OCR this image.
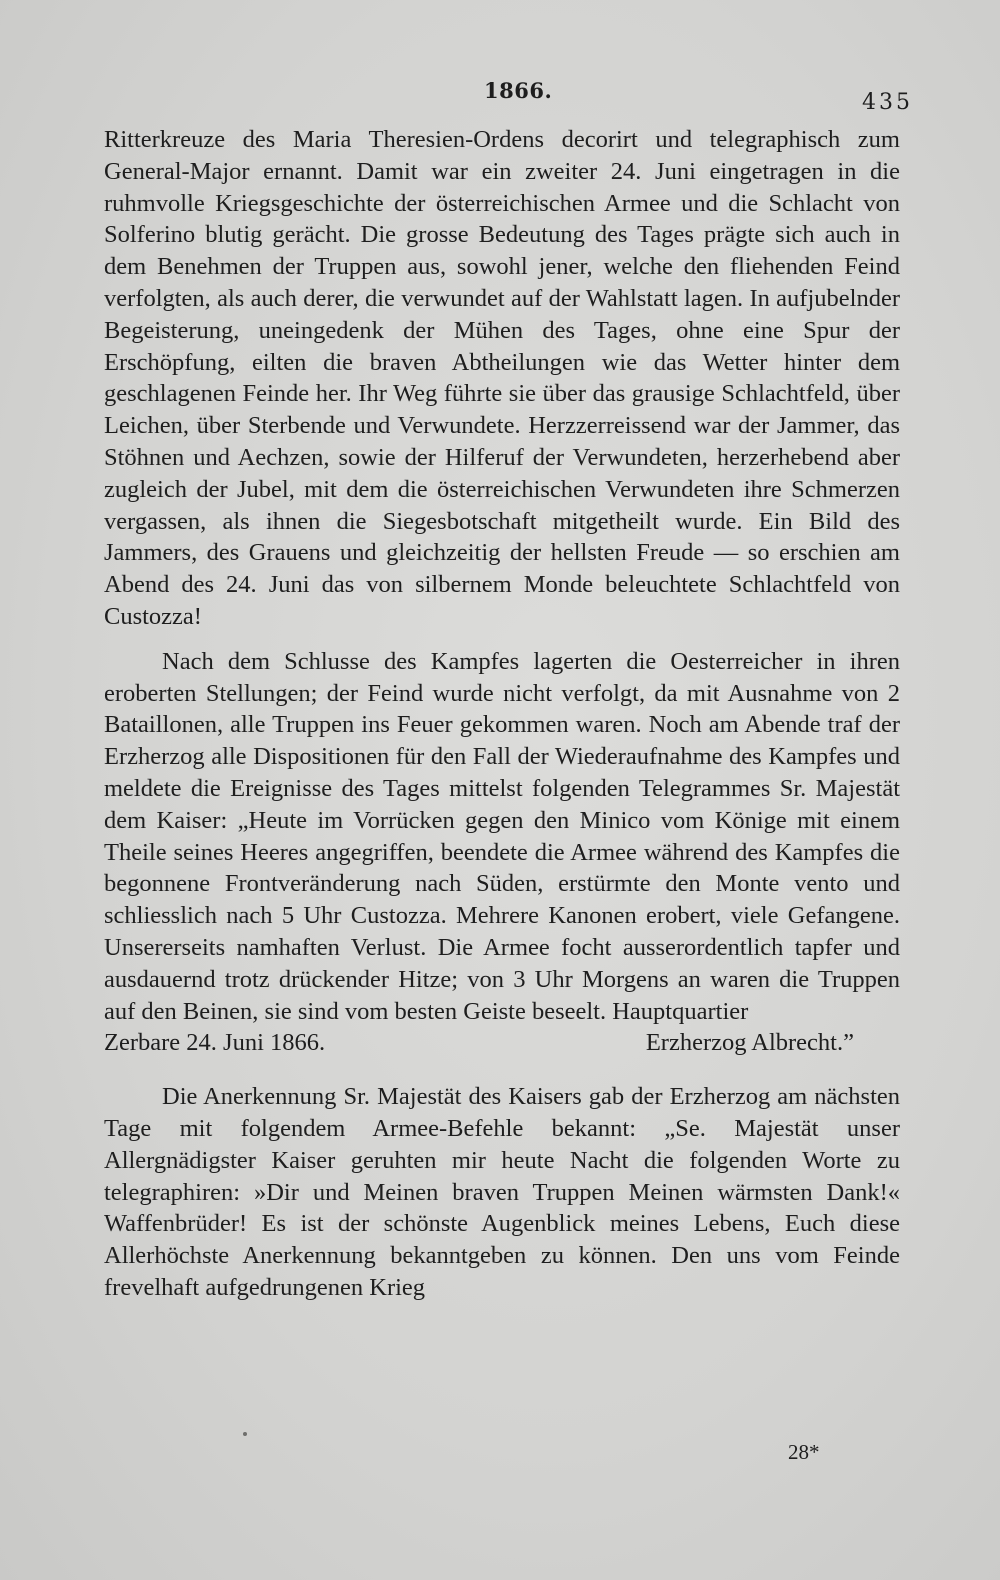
1866.	435

Ritterkreuze des Maria Theresien-Ordens decorirt und telegraphisch zum General-Major ernannt. Damit war ein zweiter 24. Juni eingetragen in die ruhmvolle Kriegsgeschichte der österreichischen Armee und die Schlacht von Solferino blutig gerächt. Die grosse Bedeutung des Tages prägte sich auch in dem Benehmen der Truppen aus, sowohl jener, welche den fliehenden Feind verfolgten, als auch derer, die verwundet auf der Wahlstatt lagen. In aufjubelnder Begeisterung, uneingedenk der Mühen des Tages, ohne eine Spur der Erschöpfung, eilten die braven Abtheilungen wie das Wetter hinter dem geschlagenen Feinde her. Ihr Weg führte sie über das grausige Schlachtfeld, über Leichen, über Sterbende und Verwundete. Herzzerreissend war der Jammer, das Stöhnen und Aechzen, sowie der Hilferuf der Verwundeten, herzerhebend aber zugleich der Jubel, mit dem die österreichischen Verwundeten ihre Schmerzen vergassen, als ihnen die Siegesbotschaft mitgetheilt wurde. Ein Bild des Jammers, des Grauens und gleichzeitig der hellsten Freude — so erschien am Abend des 24. Juni das von silbernem Monde beleuchtete Schlachtfeld von Custozza!

Nach dem Schlusse des Kampfes lagerten die Oesterreicher in ihren eroberten Stellungen; der Feind wurde nicht verfolgt, da mit Ausnahme von 2 Bataillonen, alle Truppen ins Feuer gekommen waren. Noch am Abende traf der Erzherzog alle Dispositionen für den Fall der Wiederaufnahme des Kampfes und meldete die Ereignisse des Tages mittelst folgenden Telegrammes Sr. Majestät dem Kaiser: „Heute im Vorrücken gegen den Minico vom Könige mit einem Theile seines Heeres angegriffen, beendete die Armee während des Kampfes die begonnene Frontveränderung nach Süden, erstürmte den Monte vento und schliesslich nach 5 Uhr Custozza. Mehrere Kanonen erobert, viele Gefangene. Unsererseits namhaften Verlust. Die Armee focht ausserordentlich tapfer und ausdauernd trotz drückender Hitze; von 3 Uhr Morgens an waren die Truppen auf den Beinen, sie sind vom besten Geiste beseelt. Hauptquartier

Zerbare 24. Juni 1866.	Erzherzog Albrecht.”

Die Anerkennung Sr. Majestät des Kaisers gab der Erzherzog am nächsten Tage mit folgendem Armee-Befehle bekannt: „Se. Majestät unser Allergnädigster Kaiser geruhten mir heute Nacht die folgenden Worte zu telegraphiren: »Dir und Meinen braven Truppen Meinen wärmsten Dank!« Waffenbrüder! Es ist der schönste Augenblick meines Lebens, Euch diese Allerhöchste Anerkennung bekanntgeben zu können. Den uns vom Feinde frevelhaft aufgedrungenen Krieg

28*
